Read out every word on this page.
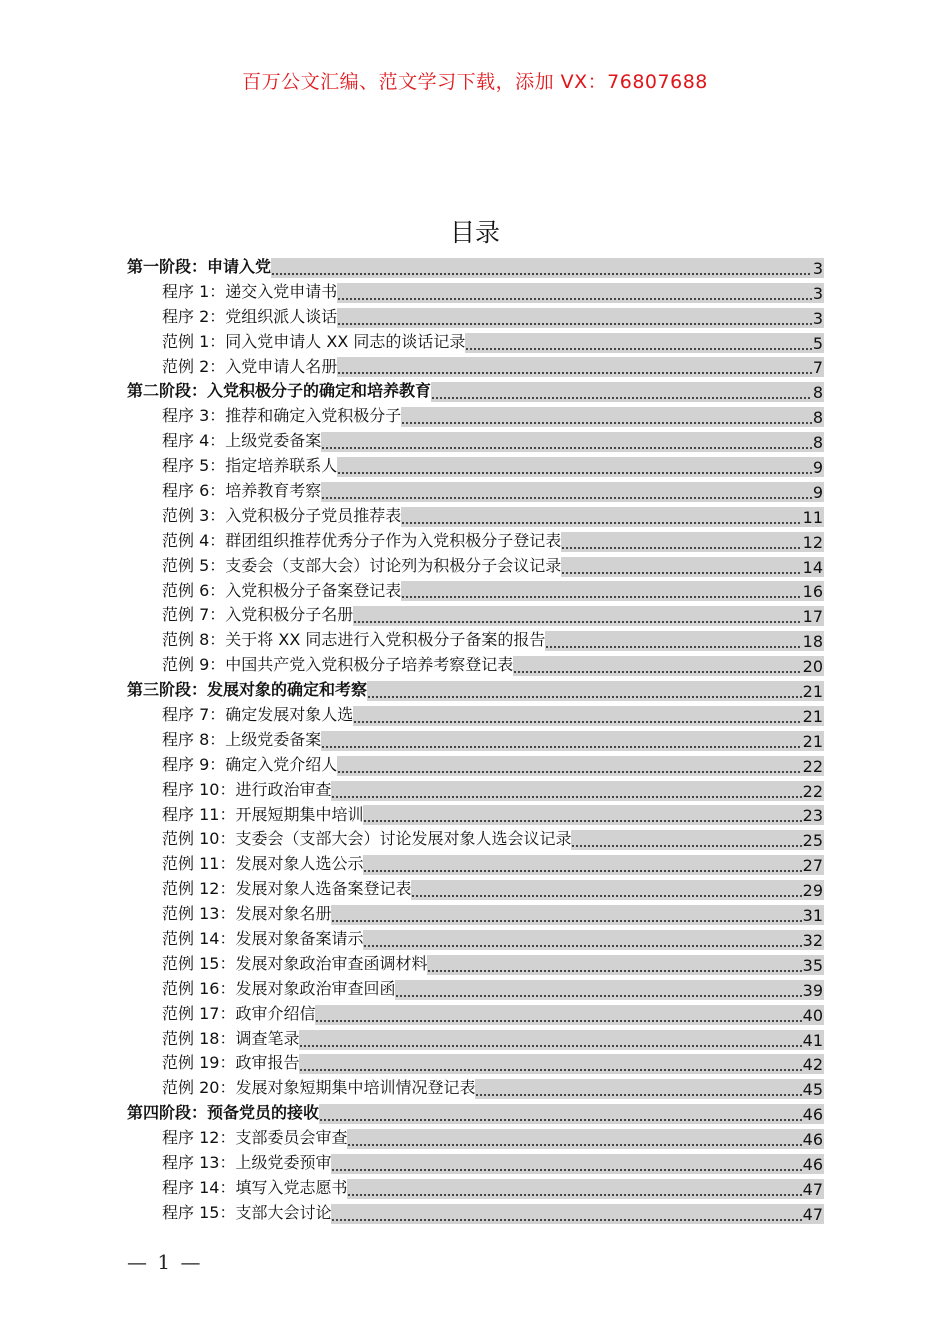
百万公文汇编、范文学习下载，添加 VX：76807688
目录
第一阶段：申请入党	3
程序 1：递交入党申请书	3
程序 2：党组织派人谈话	3
范例 1：同入党申请人 XX 同志的谈话记录	5
范例 2：入党申请人名册	7
第二阶段：入党积极分子的确定和培养教育	8
程序 3：推荐和确定入党积极分子	8
程序 4：上级党委备案	8
程序 5：指定培养联系人	9
程序 6：培养教育考察	9
范例 3：入党积极分子党员推荐表	11
范例 4：群团组织推荐优秀分子作为入党积极分子登记表	12
范例 5：支委会（支部大会）讨论列为积极分子会议记录	14
范例 6：入党积极分子备案登记表	16
范例 7：入党积极分子名册	17
范例 8：关于将 XX 同志进行入党积极分子备案的报告	18
范例 9：中国共产党入党积极分子培养考察登记表	20
第三阶段：发展对象的确定和考察	21
程序 7：确定发展对象人选	21
程序 8：上级党委备案	21
程序 9：确定入党介绍人	22
程序 10：进行政治审查	22
程序 11：开展短期集中培训	23
范例 10：支委会（支部大会）讨论发展对象人选会议记录	25
范例 11：发展对象人选公示	27
范例 12：发展对象人选备案登记表	29
范例 13：发展对象名册	31
范例 14：发展对象备案请示	32
范例 15：发展对象政治审查函调材料	35
范例 16：发展对象政治审查回函	39
范例 17：政审介绍信	40
范例 18：调查笔录	41
范例 19：政审报告	42
范例 20：发展对象短期集中培训情况登记表	45
第四阶段：预备党员的接收	46
程序 12：支部委员会审查	46
程序 13：上级党委预审	46
程序 14：填写入党志愿书	47
程序 15：支部大会讨论	47
— 1 —
